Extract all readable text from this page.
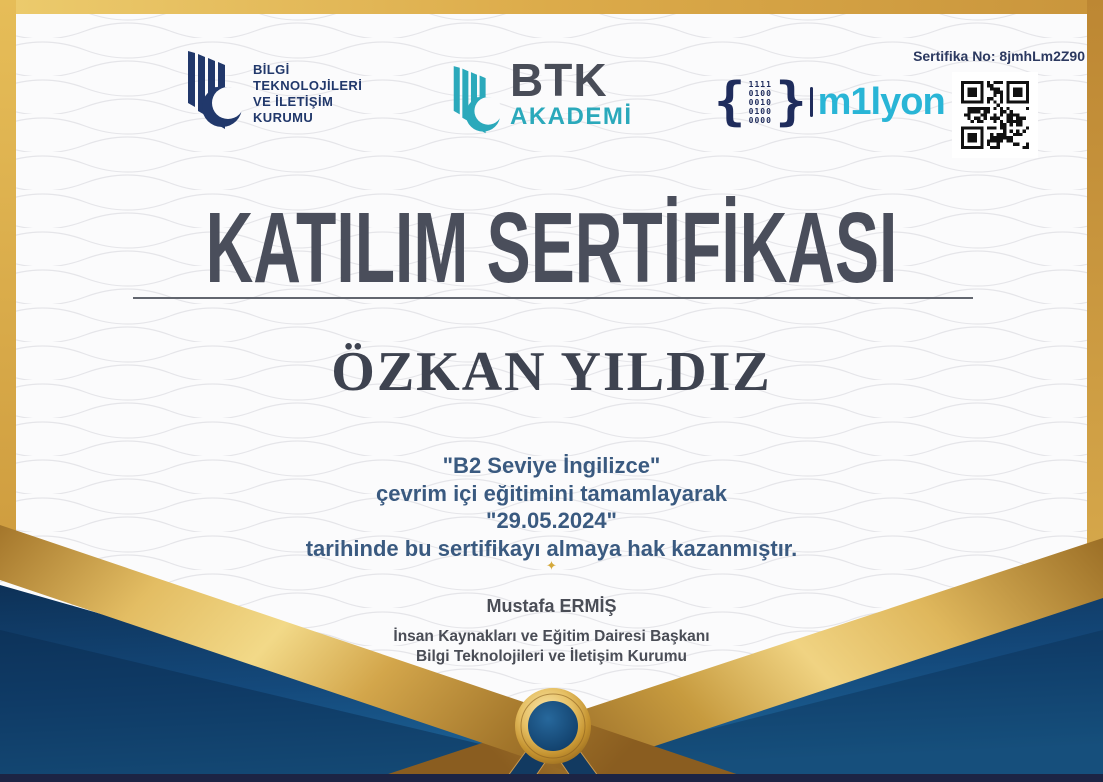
BİLGİ
TEKNOLOJİLERİ
VE İLETİŞİM
KURUMU
BTK
AKADEMİ { 1111
0100
0010
0100
0000 } m1lyon
Sertifika No: 8jmhLm2Z90
KATILIM SERTİFİKASI
ÖZKAN YILDIZ
"B2 Seviye İngilizce"
çevrim içi eğitimini tamamlayarak
"29.05.2024"
tarihinde bu sertifikayı almaya hak kazanmıştır.
✦
Mustafa ERMİŞ
İnsan Kaynakları ve Eğitim Dairesi Başkanı
Bilgi Teknolojileri ve İletişim Kurumu
